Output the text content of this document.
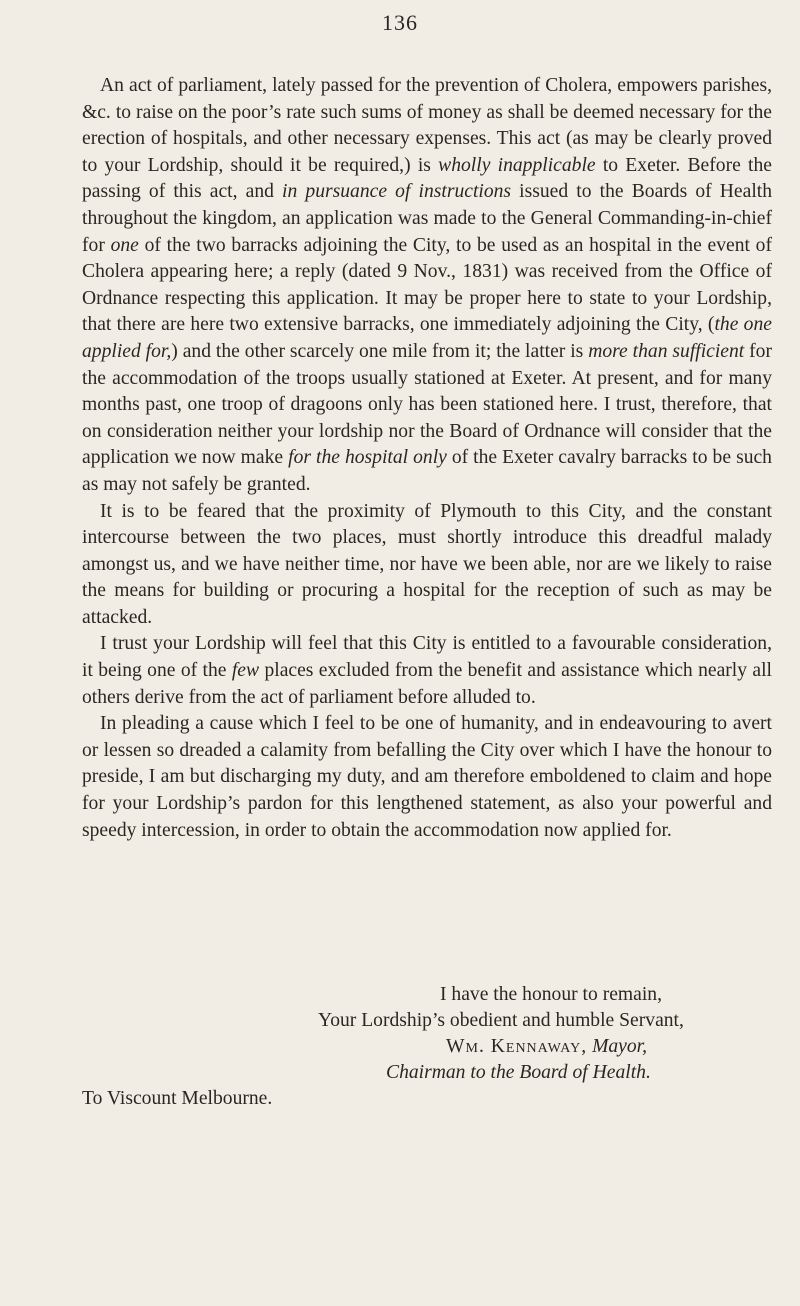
136

An act of parliament, lately passed for the prevention of Cholera, empowers parishes, &c. to raise on the poor’s rate such sums of money as shall be deemed necessary for the erection of hospitals, and other necessary expenses. This act (as may be clearly proved to your Lordship, should it be required,) is wholly inapplicable to Exeter. Before the passing of this act, and in pursuance of instructions issued to the Boards of Health throughout the kingdom, an application was made to the General Commanding-in-chief for one of the two barracks adjoining the City, to be used as an hospital in the event of Cholera appearing here; a reply (dated 9 Nov., 1831) was received from the Office of Ordnance respecting this application. It may be proper here to state to your Lordship, that there are here two extensive barracks, one immediately adjoining the City, (the one applied for,) and the other scarcely one mile from it; the latter is more than sufficient for the accommodation of the troops usually stationed at Exeter. At present, and for many months past, one troop of dragoons only has been stationed here. I trust, therefore, that on consideration neither your lordship nor the Board of Ordnance will consider that the application we now make for the hospital only of the Exeter cavalry barracks to be such as may not safely be granted.

It is to be feared that the proximity of Plymouth to this City, and the constant intercourse between the two places, must shortly introduce this dreadful malady amongst us, and we have neither time, nor have we been able, nor are we likely to raise the means for building or procuring a hospital for the reception of such as may be attacked.

I trust your Lordship will feel that this City is entitled to a favourable consideration, it being one of the few places excluded from the benefit and assistance which nearly all others derive from the act of parliament before alluded to.

In pleading a cause which I feel to be one of humanity, and in endeavouring to avert or lessen so dreaded a calamity from befalling the City over which I have the honour to preside, I am but discharging my duty, and am therefore emboldened to claim and hope for your Lordship’s pardon for this lengthened statement, as also your powerful and speedy intercession, in order to obtain the accommodation now applied for.

I have the honour to remain,
Your Lordship’s obedient and humble Servant,
Wm. Kennaway, Mayor,
Chairman to the Board of Health.
To Viscount Melbourne.
